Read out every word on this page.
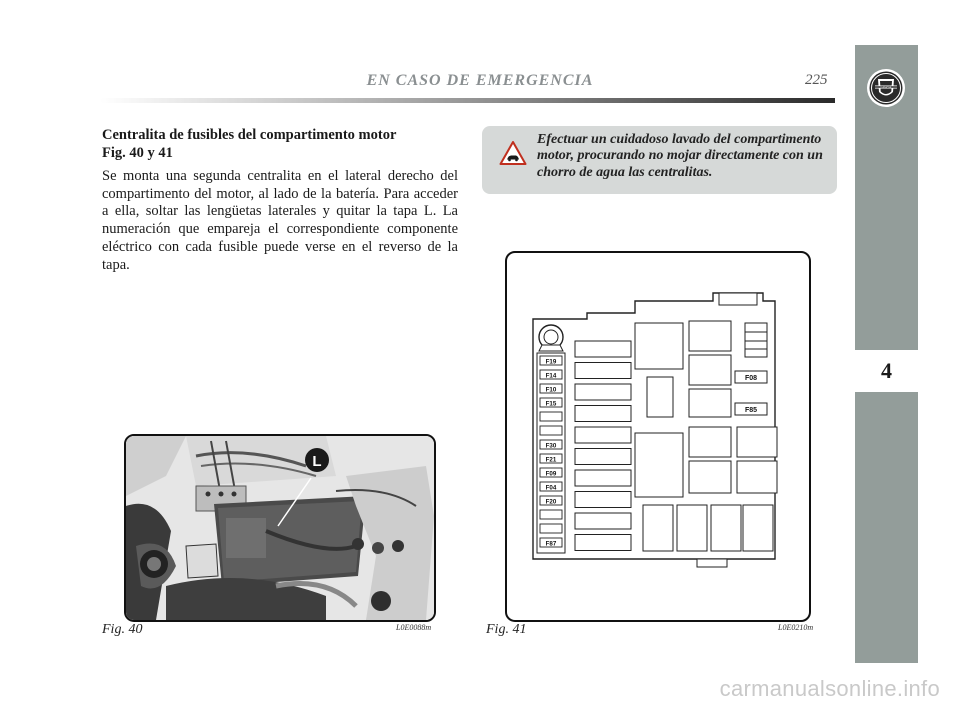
EN CASO DE EMERGENCIA	225	LANCIA
4
Centralita de fusibles del compartimento motor
Fig. 40 y 41
Se monta una segunda centralita en el lateral derecho del compartimento del motor, al lado de la batería. Para acceder a ella, soltar las lengüetas laterales y quitar la tapa L. La numeración que empareja el correspondiente componente eléctrico con cada fusible puede verse en el reverso de la tapa.
Efectuar un cuidadoso lavado del compartimento motor, procurando no mojar directamente con un chorro de agua las centralitas.
L
Fig. 40	L0E0088m
F19
F14
F10
F15
F30
F21
F09
F04
F20
F87
F08
F85
Fig. 41	L0E0210m
carmanualsonline.info
